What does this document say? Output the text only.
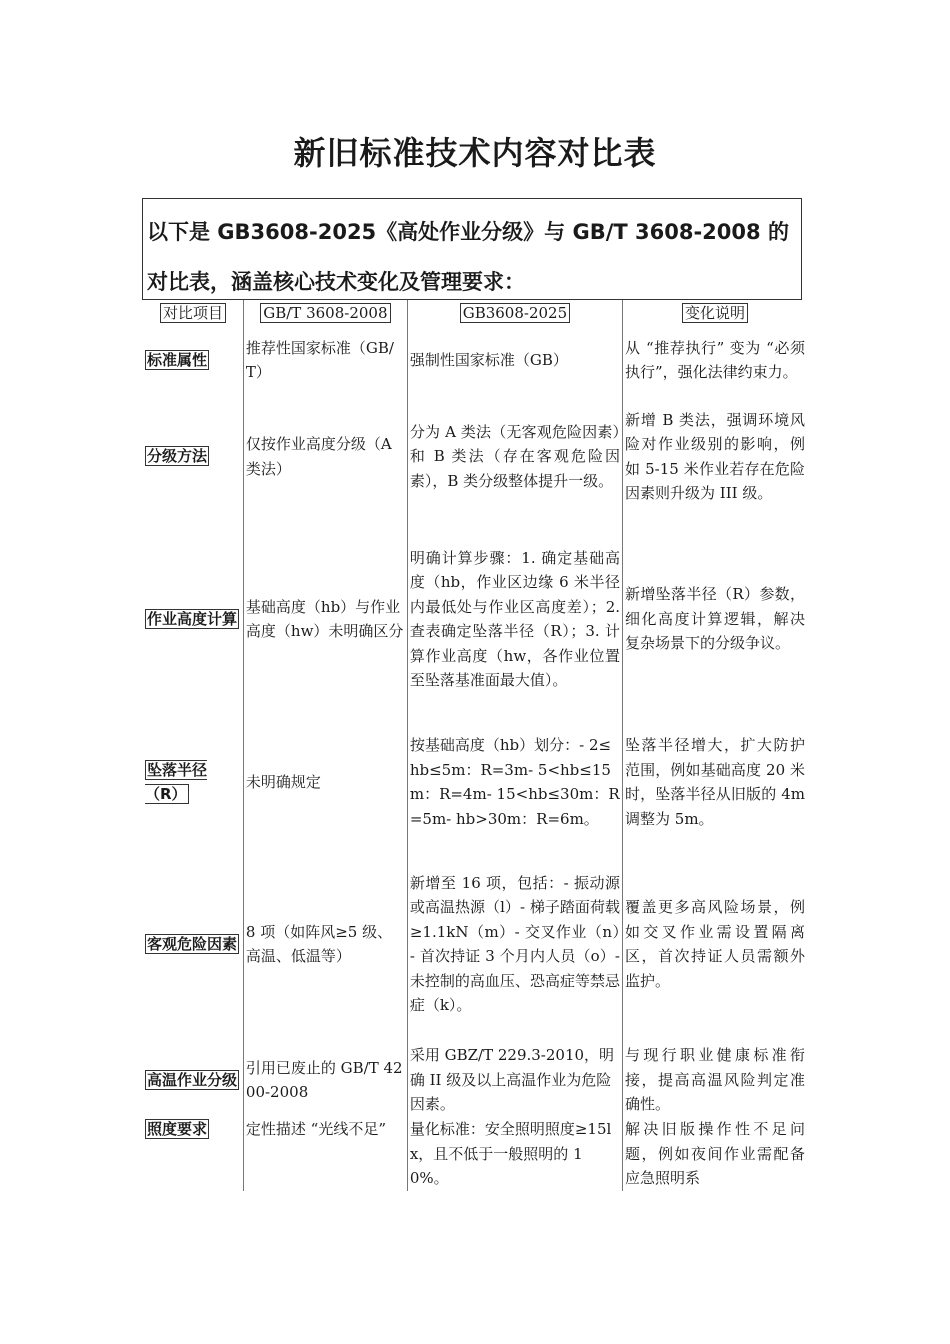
新旧标准技术内容对比表
以下是 GB3608-2025《高处作业分级》与 GB/T 3608-2008 的对比表，涵盖核心技术变化及管理要求：
对比项目	GB/T 3608-2008	GB3608-2025	变化说明
标准属性	推荐性国家标准（GB/T）	强制性国家标准（GB）	从 “推荐执行” 变为 “必须执行”，强化法律约束力。
分级方法	仅按作业高度分级（A 类法）	分为 A 类法（无客观危险因素）和 B 类法（存在客观危险因素），B 类分级整体提升一级。	新增 B 类法，强调环境风险对作业级别的影响，例如 5-15 米作业若存在危险因素则升级为 III 级。
作业高度计算	基础高度（hb）与作业高度（hw）未明确区分	明确计算步骤：1. 确定基础高度（hb，作业区边缘 6 米半径内最低处与作业区高度差）；2. 查表确定坠落半径（R）；3. 计算作业高度（hw，各作业位置至坠落基准面最大值）。	新增坠落半径（R）参数，细化高度计算逻辑，解决复杂场景下的分级争议。
坠落半径（R）	未明确规定	按基础高度（hb）划分：- 2≤hb≤5m：R=3m- 5<hb≤15m：R=4m- 15<hb≤30m：R=5m- hb>30m：R=6m。	坠落半径增大，扩大防护范围，例如基础高度 20 米时，坠落半径从旧版的 4m 调整为 5m。
客观危险因素	8 项（如阵风≥5 级、高温、低温等）	新增至 16 项，包括：- 振动源或高温热源（l）- 梯子踏面荷载≥1.1kN（m）- 交叉作业（n）- 首次持证 3 个月内人员（o）- 未控制的高血压、恐高症等禁忌症（k）。	覆盖更多高风险场景，例如交叉作业需设置隔离区，首次持证人员需额外监护。
高温作业分级	引用已废止的 GB/T 4200-2008	采用 GBZ/T 229.3-2010，明确 II 级及以上高温作业为危险因素。	与现行职业健康标准衔接，提高高温风险判定准确性。
照度要求	定性描述 “光线不足”	量化标准：安全照明照度≥15lx，且不低于一般照明的 10%。	解决旧版操作性不足问题，例如夜间作业需配备应急照明系
